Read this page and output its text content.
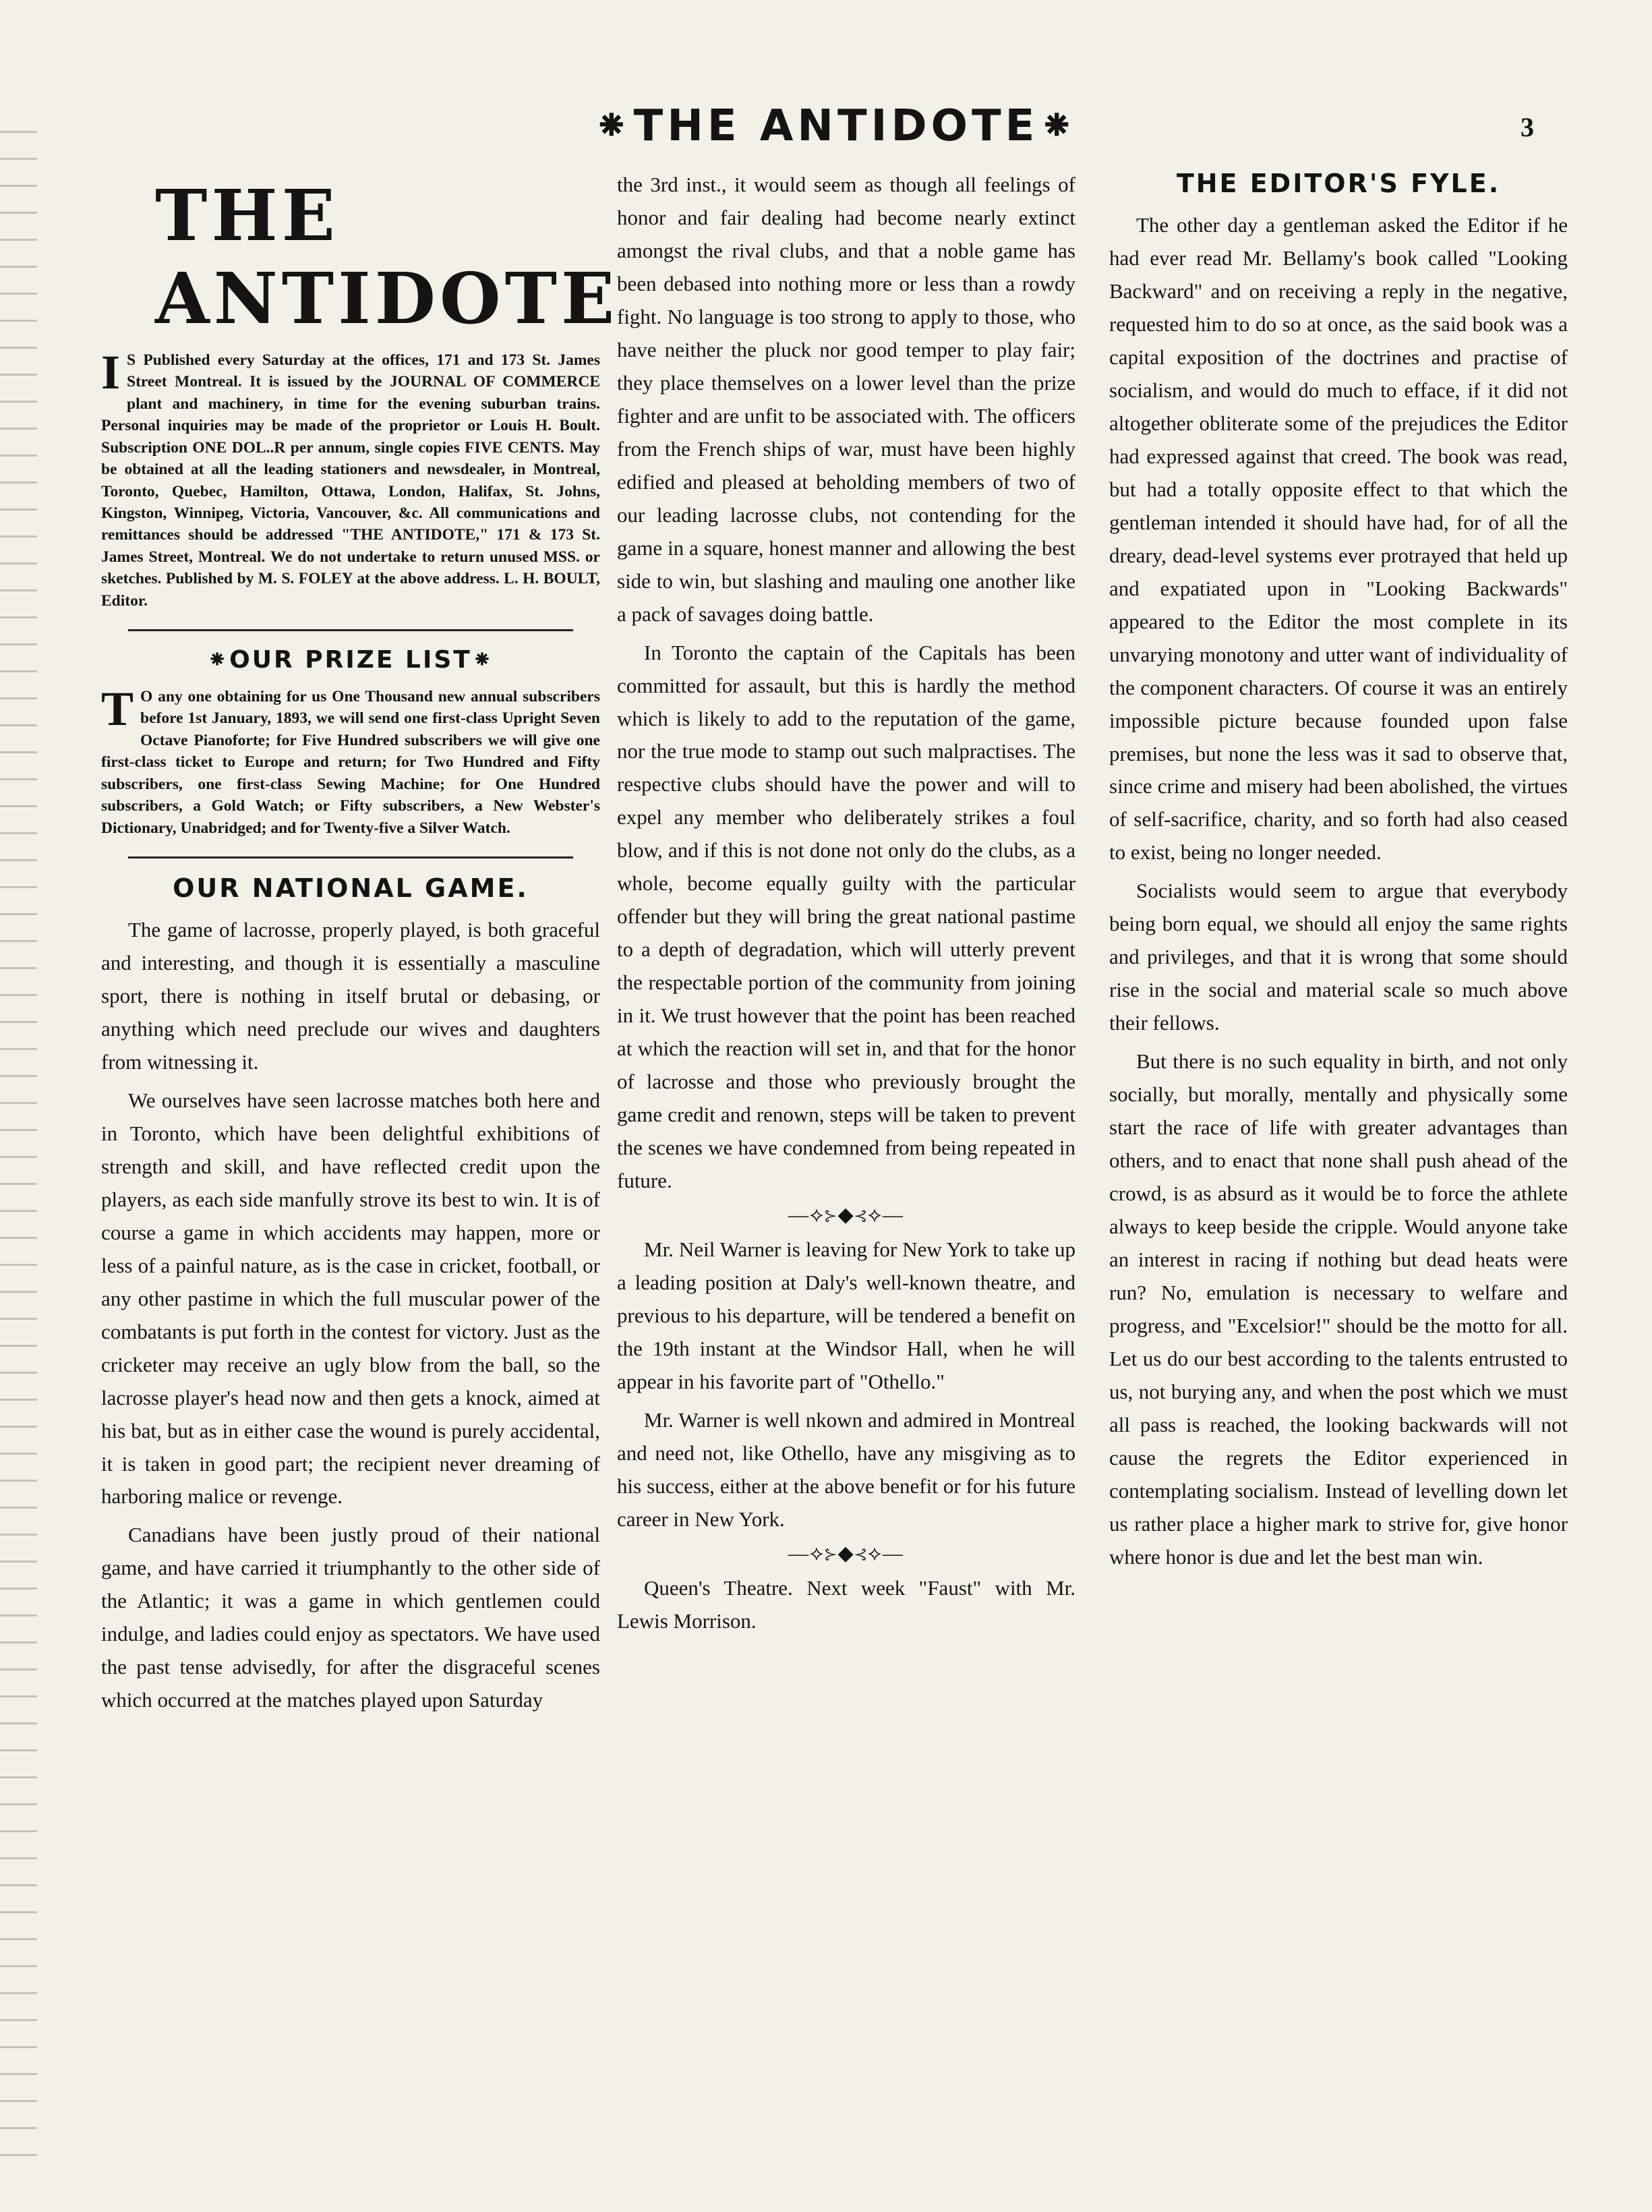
⁕THE ANTIDOTE⁕	3
THE ANTIDOTE

I S Published every Saturday at the offices, 171 and 173 St. James Street Montreal. It is issued by the JOURNAL OF COMMERCE plant and machinery, in time for the evening suburban trains. Personal inquiries may be made of the proprietor or Louis H. Boult. Subscription ONE DOL..R per annum, single copies FIVE CENTS. May be obtained at all the leading stationers and newsdealer, in Montreal, Toronto, Quebec, Hamilton, Ottawa, London, Halifax, St. Johns, Kingston, Winnipeg, Victoria, Vancouver, &c. All communications and remittances should be addressed "THE ANTIDOTE," 171 & 173 St. James Street, Montreal. We do not undertake to return unused MSS. or sketches. Published by M. S. FOLEY at the above address. L. H. BOULT, Editor.

⁕OUR PRIZE LIST⁕

T O any one obtaining for us One Thousand new annual subscribers before 1st January, 1893, we will send one first-class Upright Seven Octave Pianoforte; for Five Hundred subscribers we will give one first-class ticket to Europe and return; for Two Hundred and Fifty subscribers, one first-class Sewing Machine; for One Hundred subscribers, a Gold Watch; or Fifty subscribers, a New Webster's Dictionary, Unabridged; and for Twenty-five a Silver Watch.

OUR NATIONAL GAME.

The game of lacrosse, properly played, is both graceful and interesting, and though it is essentially a masculine sport, there is nothing in itself brutal or debasing, or anything which need preclude our wives and daughters from witnessing it.

We ourselves have seen lacrosse matches both here and in Toronto, which have been delightful exhibitions of strength and skill, and have reflected credit upon the players, as each side manfully strove its best to win. It is of course a game in which accidents may happen, more or less of a painful nature, as is the case in cricket, football, or any other pastime in which the full muscular power of the combatants is put forth in the contest for victory. Just as the cricketer may receive an ugly blow from the ball, so the lacrosse player's head now and then gets a knock, aimed at his bat, but as in either case the wound is purely accidental, it is taken in good part; the recipient never dreaming of harboring malice or revenge.

Canadians have been justly proud of their national game, and have carried it triumphantly to the other side of the Atlantic; it was a game in which gentlemen could indulge, and ladies could enjoy as spectators. We have used the past tense advisedly, for after the disgraceful scenes which occurred at the matches played upon Saturday

the 3rd inst., it would seem as though all feelings of honor and fair dealing had become nearly extinct amongst the rival clubs, and that a noble game has been debased into nothing more or less than a rowdy fight. No language is too strong to apply to those, who have neither the pluck nor good temper to play fair; they place themselves on a lower level than the prize fighter and are unfit to be associated with. The officers from the French ships of war, must have been highly edified and pleased at beholding members of two of our leading lacrosse clubs, not contending for the game in a square, honest manner and allowing the best side to win, but slashing and mauling one another like a pack of savages doing battle.

In Toronto the captain of the Capitals has been committed for assault, but this is hardly the method which is likely to add to the reputation of the game, nor the true mode to stamp out such malpractises. The respective clubs should have the power and will to expel any member who deliberately strikes a foul blow, and if this is not done not only do the clubs, as a whole, become equally guilty with the particular offender but they will bring the great national pastime to a depth of degradation, which will utterly prevent the respectable portion of the community from joining in it. We trust however that the point has been reached at which the reaction will set in, and that for the honor of lacrosse and those who previously brought the game credit and renown, steps will be taken to prevent the scenes we have condemned from being repeated in future.

—⟡⊱◆⊰⟡—

Mr. Neil Warner is leaving for New York to take up a leading position at Daly's well-known theatre, and previous to his departure, will be tendered a benefit on the 19th instant at the Windsor Hall, when he will appear in his favorite part of "Othello."

Mr. Warner is well nkown and admired in Montreal and need not, like Othello, have any misgiving as to his success, either at the above benefit or for his future career in New York.

—⟡⊱◆⊰⟡—

Queen's Theatre. Next week "Faust" with Mr. Lewis Morrison.

THE EDITOR'S FYLE.

The other day a gentleman asked the Editor if he had ever read Mr. Bellamy's book called "Looking Backward" and on receiving a reply in the negative, requested him to do so at once, as the said book was a capital exposition of the doctrines and practise of socialism, and would do much to efface, if it did not altogether obliterate some of the prejudices the Editor had expressed against that creed. The book was read, but had a totally opposite effect to that which the gentleman intended it should have had, for of all the dreary, dead-level systems ever protrayed that held up and expatiated upon in "Looking Backwards" appeared to the Editor the most complete in its unvarying monotony and utter want of individuality of the component characters. Of course it was an entirely impossible picture because founded upon false premises, but none the less was it sad to observe that, since crime and misery had been abolished, the virtues of self-sacrifice, charity, and so forth had also ceased to exist, being no longer needed.

Socialists would seem to argue that everybody being born equal, we should all enjoy the same rights and privileges, and that it is wrong that some should rise in the social and material scale so much above their fellows.

But there is no such equality in birth, and not only socially, but morally, mentally and physically some start the race of life with greater advantages than others, and to enact that none shall push ahead of the crowd, is as absurd as it would be to force the athlete always to keep beside the cripple. Would anyone take an interest in racing if nothing but dead heats were run? No, emulation is necessary to welfare and progress, and "Excelsior!" should be the motto for all. Let us do our best according to the talents entrusted to us, not burying any, and when the post which we must all pass is reached, the looking backwards will not cause the regrets the Editor experienced in contemplating socialism. Instead of levelling down let us rather place a higher mark to strive for, give honor where honor is due and let the best man win.
